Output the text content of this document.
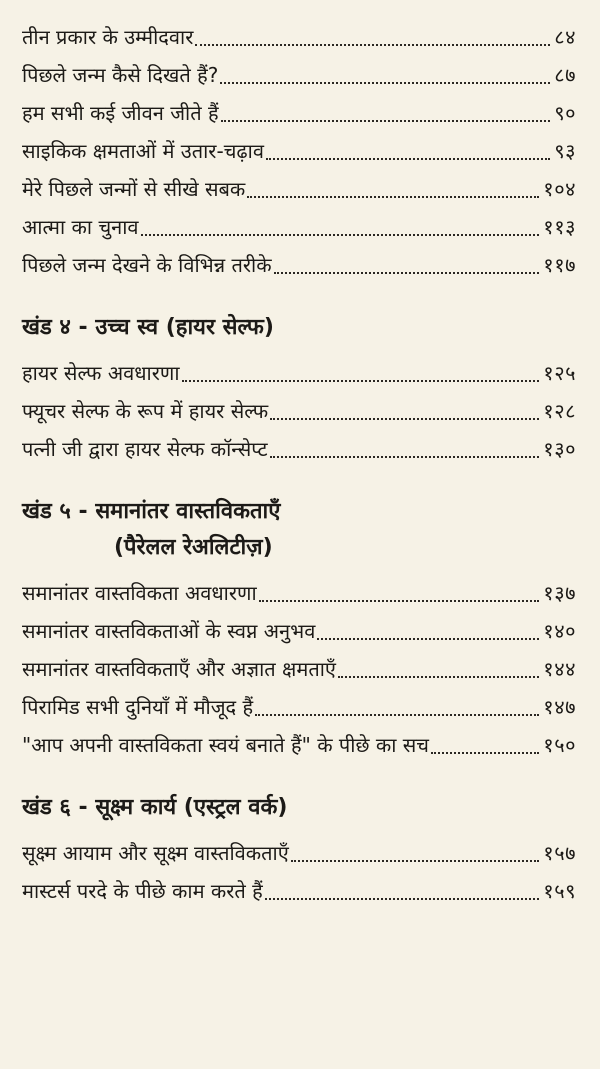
तीन प्रकार के उम्मीदवार	८४
पिछले जन्म कैसे दिखते हैं?	८७
हम सभी कई जीवन जीते हैं	९०
साइकिक क्षमताओं में उतार-चढ़ाव	९३
मेरे पिछले जन्मों से सीखे सबक	१०४
आत्मा का चुनाव	११३
पिछले जन्म देखने के विभिन्न तरीके	११७
खंड ४ - उच्च स्व (हायर सेल्फ)
हायर सेल्फ अवधारणा	१२५
फ्यूचर सेल्फ के रूप में हायर सेल्फ	१२८
पत्नी जी द्वारा हायर सेल्फ कॉन्सेप्ट	१३०
खंड ५ - समानांतर वास्तविकताएँ
(पैरेलल रेअलिटीज़)
समानांतर वास्तविकता अवधारणा	१३७
समानांतर वास्तविकताओं के स्वप्न अनुभव	१४०
समानांतर वास्तविकताएँ और अज्ञात क्षमताएँ	१४४
पिरामिड सभी दुनियाँ में मौजूद हैं	१४७
"आप अपनी वास्तविकता स्वयं बनाते हैं" के पीछे का सच	१५०
खंड ६ - सूक्ष्म कार्य (एस्ट्रल वर्क)
सूक्ष्म आयाम और सूक्ष्म वास्तविकताएँ	१५७
मास्टर्स परदे के पीछे काम करते हैं	१५९
